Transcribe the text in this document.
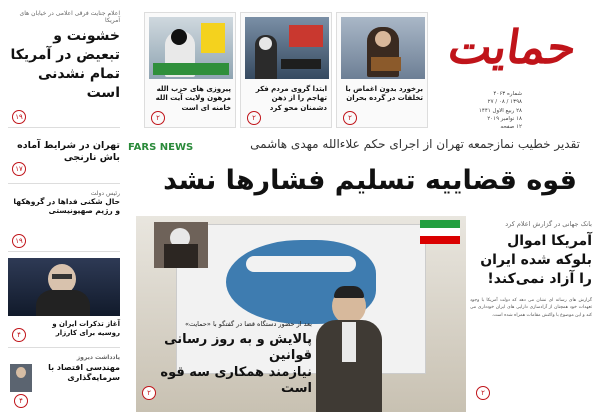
حمایت
شماره ۴۰۶۳
۱۳۹۸ / ۰۸ / ۲۷
۲۸ ربیع الاول ۱۴۴۱
۱۸ نوامبر ۲۰۱۹
۱۲ صفحه
برخورد بدون اغماض با تخلفات در گرده بحران
۲
ابتدا گروی مردم فکر تهاجم را از ذهن دشمنان محو کرد
۲
پیروزی های حزب الله مرهون ولایت آیت الله خامنه ای است
۲
اعلام جنایت فرقی اعلامی در خیابان های آمریکا
خشونت و تبعیض در آمریکا تمام نشدنی است
۱۹
تهران در شرایط آماده باش نارنجی
۱۷
رئیس دولت
حال شکنی فداها در گروهکها و رژیم صهیونیستی
۱۹
آغاز تذکرات ایران و روسیه برای کارزار
۴
یادداشت دیروز
مهندسی اقتصاد با سرمایه‌گذاری
۴
تقدیر خطیب نمازجمعه تهران از اجرای حکم علاءالله مهدی هاشمی
قوه قضاییه تسلیم فشارها نشد
FARS NEWS
بعد از حضور دستگاه قضا در گفتگو با «حمایت»
پالایش و به روز رسانی قوانین
نیازمند همکاری سه قوه است
۲
بانک جهانی در گزارش اعلام کرد
آمریکا اموال بلوکه شده ایران را آزاد نمی‌کند!
گزارش های رسانه ای نشان می دهد که دولت آمریکا با وجود تعهدات خود همچنان از آزادسازی دارایی های ایران خودداری می کند و این موضوع با واکنش مقامات همراه شده است.
۲
